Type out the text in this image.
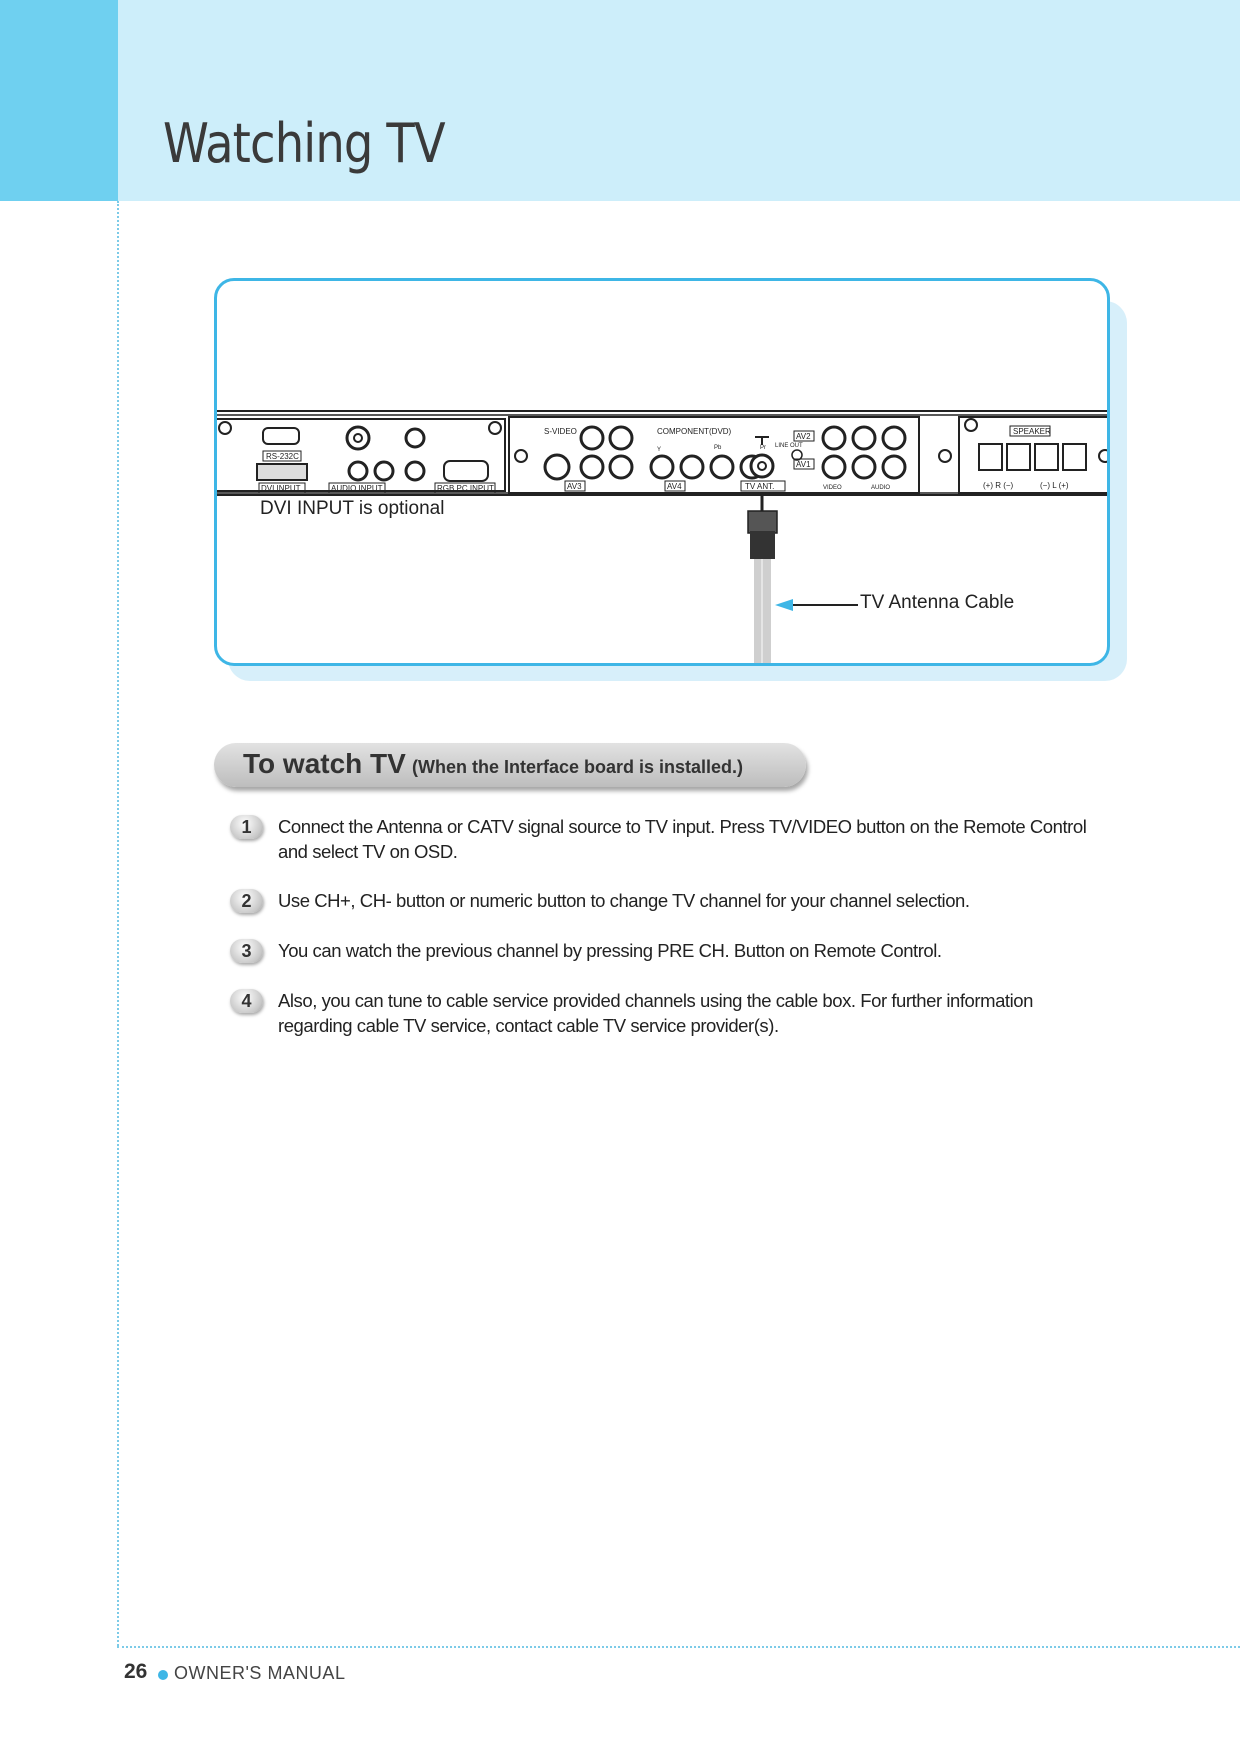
Watching TV
RS-232C
DVI INPUT	AUDIO INPUT	RGB PC INPUT
S-VIDEO
AV3
COMPONENT(DVD)
Y	Pb	Pr
AV4	TV ANT.
LINE OUT
AV2
AV1
VIDEO	AUDIO
SPEAKER
(+) R (−)	(−) L (+)
DVI INPUT is optional
TV Antenna Cable
To watch TV (When the Interface board is installed.)
1	Connect the Antenna or CATV signal source to TV input. Press TV/VIDEO button on the Remote Control and select TV on OSD.
2	Use CH+, CH- button or numeric button to change TV channel for your channel selection.
3	You can watch the previous channel by pressing PRE CH. Button on Remote Control.
4	Also, you can tune to cable service provided channels using the cable box. For further information regarding cable TV service, contact cable TV service provider(s).
26 OWNER'S MANUAL
